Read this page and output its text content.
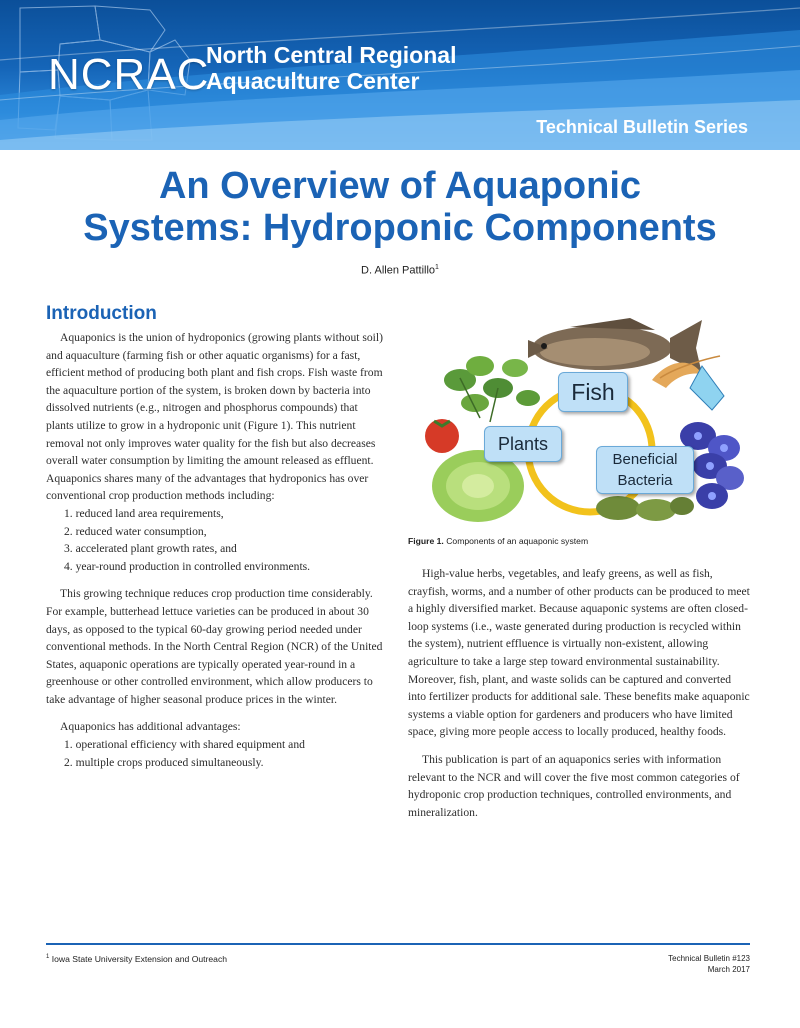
NCRAC
North Central Regional
Aquaculture Center
Technical Bulletin Series
An Overview of Aquaponic
Systems: Hydroponic Components
D. Allen Pattillo$^1$
Introduction

Aquaponics is the union of hydroponics (growing plants without soil) and aquaculture (farming fish or other aquatic organisms) for a fast, efficient method of producing both plant and fish crops. Fish waste from the aquaculture portion of the system, is broken down by bacteria into dissolved nutrients (e.g., nitrogen and phosphorus compounds) that plants utilize to grow in a hydroponic unit (Figure 1). This nutrient removal not only improves water quality for the fish but also decreases overall water consumption by limiting the amount released as effluent. Aquaponics shares many of the advantages that hydroponics has over conventional crop production methods including:

1. reduced land area requirements,
2. reduced water consumption,
3. accelerated plant growth rates, and
4. year-round production in controlled environments.

This growing technique reduces crop production time considerably. For example, butterhead lettuce varieties can be produced in about 30 days, as opposed to the typical 60-day growing period needed under conventional methods. In the North Central Region (NCR) of the United States, aquaponic operations are typically operated year-round in a greenhouse or other controlled environment, which allow producers to take advantage of higher seasonal produce prices in the winter.

Aquaponics has additional advantages:

1. operational efficiency with shared equipment and
2. multiple crops produced simultaneously.
Fish
Plants
Beneficial
Bacteria
Figure 1. Components of an aquaponic system

High-value herbs, vegetables, and leafy greens, as well as fish, crayfish, worms, and a number of other products can be produced to meet a highly diversified market. Because aquaponic systems are often closed-loop systems (i.e., waste generated during production is recycled within the system), nutrient effluence is virtually non-existent, allowing agriculture to take a large step toward environmental sustainability. Moreover, fish, plant, and waste solids can be captured and converted into fertilizer products for additional sale. These benefits make aquaponic systems a viable option for gardeners and producers who have limited space, giving more people access to locally produced, healthy foods.

This publication is part of an aquaponics series with information relevant to the NCR and will cover the five most common categories of hydroponic crop production techniques, controlled environments, and mineralization.

$^1$ Iowa State University Extension and Outreach	Technical Bulletin #123
March 2017
